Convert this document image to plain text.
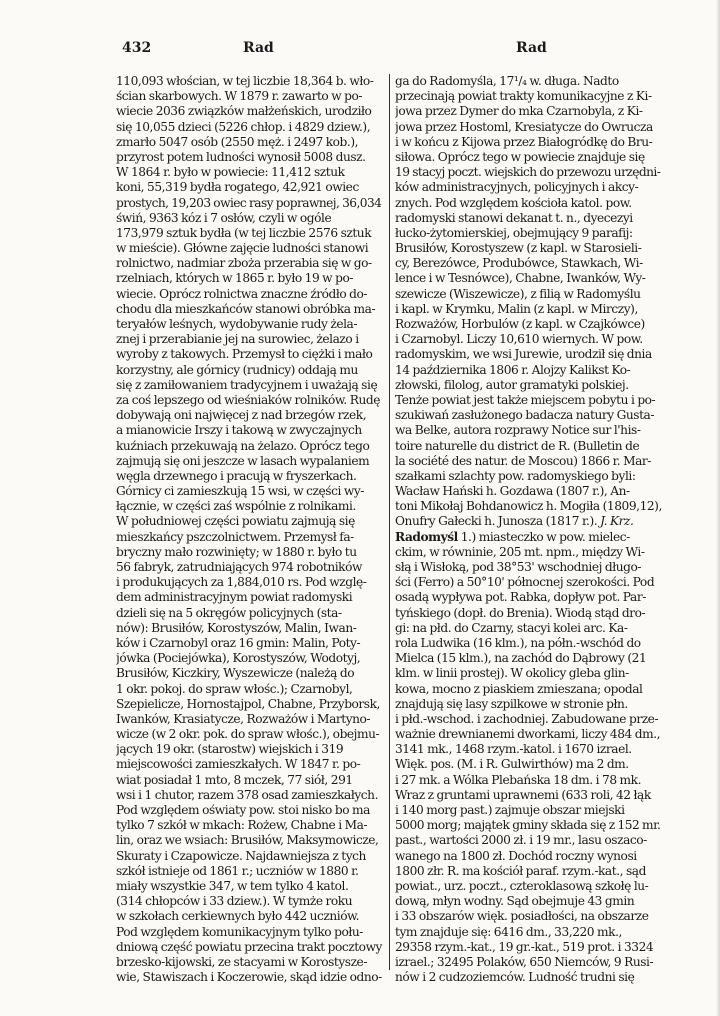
432	Rad	Rad
110,093 włościan, w tej liczbie 18,364 b. wło-
ścian skarbowych. W 1879 r. zawarto w po-
wiecie 2036 związków małżeńskich, urodziło
się 10,055 dzieci (5226 chłop. i 4829 dziew.),
zmarło 5047 osób (2550 męż. i 2497 kob.),
przyrost potem ludności wynosił 5008 dusz.
W 1864 r. było w powiecie: 11,412 sztuk
koni, 55,319 bydła rogatego, 42,921 owiec
prostych, 19,203 owiec rasy poprawnej, 36,034
świń, 9363 kóz i 7 osłów, czyli w ogóle
173,979 sztuk bydła (w tej liczbie 2576 sztuk
w mieście). Główne zajęcie ludności stanowi
rolnictwo, nadmiar zboża przerabia się w go-
rzelniach, których w 1865 r. było 19 w po-
wiecie. Oprócz rolnictwa znaczne źródło do-
chodu dla mieszkańców stanowi obróbka ma-
teryałów leśnych, wydobywanie rudy żela-
znej i przerabianie jej na surowiec, żelazo i
wyroby z takowych. Przemysł to ciężki i mało
korzystny, ale górnicy (rudnicy) oddają mu
się z zamiłowaniem tradycyjnem i uważają się
za coś lepszego od wieśniaków rolników. Rudę
dobywają oni najwięcej z nad brzegów rzek,
a mianowicie Irszy i takową w zwyczajnych
kuźniach przekuwają na żelazo. Oprócz tego
zajmują się oni jeszcze w lasach wypalaniem
węgla drzewnego i pracują w fryszerkach.
Górnicy ci zamieszkują 15 wsi, w części wy-
łącznie, w części zaś wspólnie z rolnikami.
W południowej części powiatu zajmują się
mieszkańcy pszczolnictwem. Przemysł fa-
bryczny mało rozwinięty; w 1880 r. było tu
56 fabryk, zatrudniających 974 robotników
i produkujących za 1,884,010 rs. Pod wzglę-
dem administracyjnym powiat radomyski
dzieli się na 5 okręgów policyjnych (sta-
nów): Brusiłów, Korostyszów, Malin, Iwan-
ków i Czarnobyl oraz 16 gmin: Malin, Poty-
jówka (Pociejówka), Korostyszów, Wodotyj,
Brusiłów, Kiczkiry, Wyszewicze (należą do
1 okr. pokoj. do spraw włośc.); Czarnobyl,
Szepielicze, Hornostajpol, Chabne, Przyborsk,
Iwanków, Krasiatycze, Rozważów i Martyno-
wicze (w 2 okr. pok. do spraw włośc.), obejmu-
jących 19 okr. (starostw) wiejskich i 319
miejscowości zamieszkałych. W 1847 r. po-
wiat posiadał 1 mto, 8 mczek, 77 siół, 291
wsi i 1 chutor, razem 378 osad zamieszkałych.
Pod względem oświaty pow. stoi nisko bo ma
tylko 7 szkół w mkach: Rożew, Chabne i Ma-
lin, oraz we wsiach: Brusiłów, Maksymowicze,
Skuraty i Czapowicze. Najdawniejsza z tych
szkół istnieje od 1861 r.; uczniów w 1880 r.
miały wszystkie 347, w tem tylko 4 katol.
(314 chłopców i 33 dziew.). W tymże roku
w szkołach cerkiewnych było 442 uczniów.
Pod względem komunikacyjnym tylko połu-
dniową część powiatu przecina trakt pocztowy
brzesko-kijowski, ze stacyami w Korostysze-
wie, Stawiszach i Koczerowie, skąd idzie odno-
ga do Radomyśla, 17¹/₄ w. długa. Nadto
przecinają powiat trakty komunikacyjne z Ki-
jowa przez Dymer do mka Czarnobyla, z Ki-
jowa przez Hostoml, Kresiatycze do Owrucza
i w końcu z Kijowa przez Białogródkę do Bru-
siłowa. Oprócz tego w powiecie znajduje się
19 stacyj poczt. wiejskich do przewozu urzędni-
ków administracyjnych, policyjnych i akcy-
znych. Pod względem kościoła katol. pow.
radomyski stanowi dekanat t. n., dyecezyi
łucko-żytomierskiej, obejmujący 9 parafij:
Brusiłów, Korostyszew (z kapl. w Starosieli-
cy, Berezówce, Produbówce, Stawkach, Wi-
lence i w Tesnówce), Chabne, Iwanków, Wy-
szewicze (Wiszewicze), z filią w Radomyślu
i kapl. w Krymku, Malin (z kapl. w Mirczy),
Rozważów, Horbulów (z kapl. w Czajkówce)
i Czarnobyl. Liczy 10,610 wiernych. W pow.
radomyskim, we wsi Jurewie, urodził się dnia
14 października 1806 r. Alojzy Kalikst Ko-
złowski, filolog, autor gramatyki polskiej.
Tenże powiat jest także miejscem pobytu i po-
szukiwań zasłużonego badacza natury Gusta-
wa Belke, autora rozprawy Notice sur l'his-
toire naturelle du district de R. (Bulletin de
la société des natur. de Moscou) 1866 r. Mar-
szałkami szlachty pow. radomyskiego byli:
Wacław Hański h. Gozdawa (1807 r.), An-
toni Mikołaj Bohdanowicz h. Mogiła (1809,12),
Onufry Gałecki h. Junosza (1817 r.). J. Krz.
Radomyśl 1.) miasteczko w pow. mielec-
ckim, w równinie, 205 mt. npm., między Wi-
słą i Wisłoką, pod 38°53' wschodniej długo-
ści (Ferro) a 50°10' północnej szerokości. Pod
osadą wypływa pot. Rabka, dopływ pot. Par-
tyńskiego (dopł. do Brenia). Wiodą stąd dro-
gi: na płd. do Czarny, stacyi kolei arc. Ka-
rola Ludwika (16 klm.), na półn.-wschód do
Mielca (15 klm.), na zachód do Dąbrowy (21
klm. w linii prostej). W okolicy gleba glin-
kowa, mocno z piaskiem zmieszana; opodal
znajdują się lasy szpilkowe w stronie płn.
i płd.-wschod. i zachodniej. Zabudowane prze-
ważnie drewnianemi dworkami, liczy 484 dm.,
3141 mk., 1468 rzym.-katol. i 1670 izrael.
Więk. pos. (M. i R. Gulwirthów) ma 2 dm.
i 27 mk. a Wólka Plebańska 18 dm. i 78 mk.
Wraz z gruntami uprawnemi (633 roli, 42 łąk
i 140 morg past.) zajmuje obszar miejski
5000 morg; majątek gminy składa się z 152 mr.
past., wartości 2000 zł. i 19 mr., lasu oszaco-
wanego na 1800 zł. Dochód roczny wynosi
1800 złr. R. ma kościół paraf. rzym.-kat., sąd
powiat., urz. poczt., czteroklasową szkołę lu-
dową, młyn wodny. Sąd obejmuje 43 gmin
i 33 obszarów więk. posiadłości, na obszarze
tym znajduje się: 6416 dm., 33,220 mk.,
29358 rzym.-kat., 19 gr.-kat., 519 prot. i 3324
izrael.; 32495 Polaków, 650 Niemców, 9 Rusi-
nów i 2 cudzoziemców. Ludność trudni się
